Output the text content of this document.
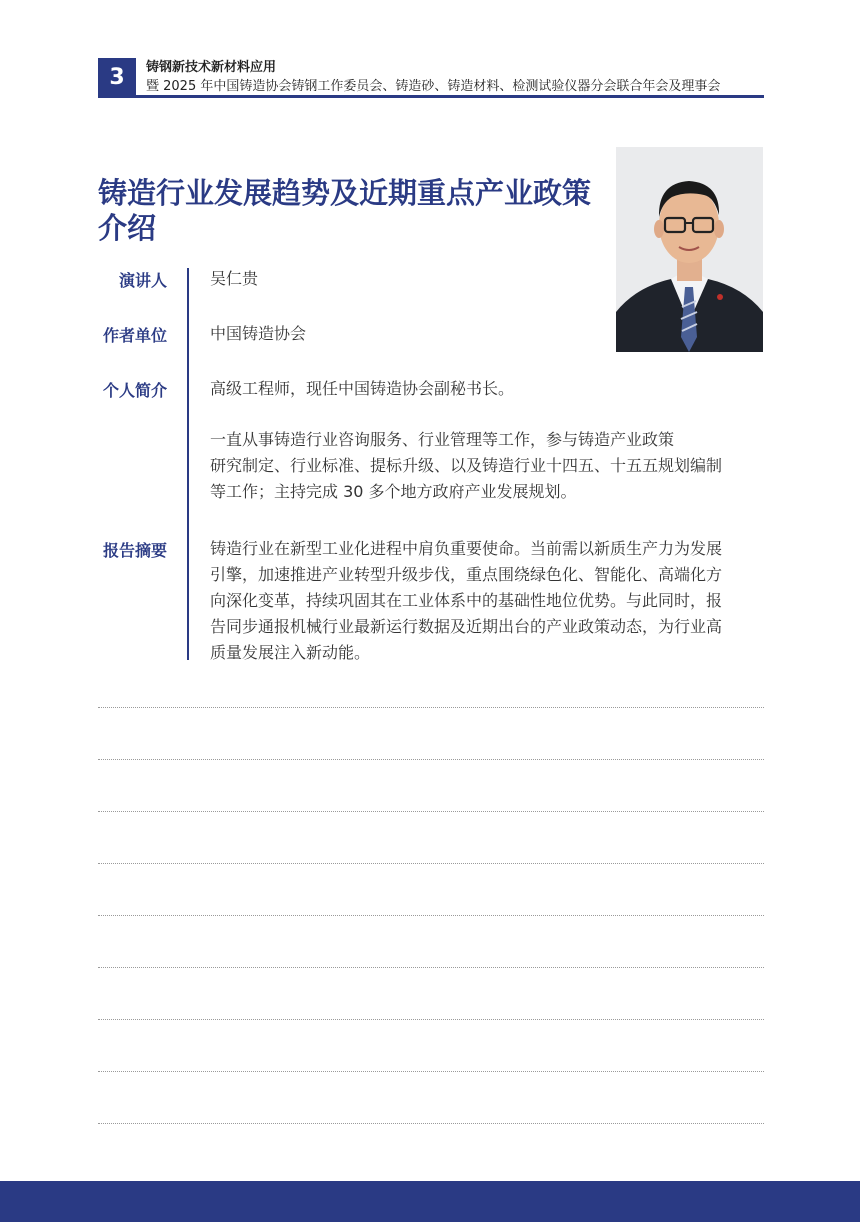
3	铸钢新技术新材料应用
暨 2025 年中国铸造协会铸钢工作委员会、铸造砂、铸造材料、检测试验仪器分会联合年会及理事会
铸造行业发展趋势及近期重点产业政策
介绍
演讲人	吴仁贵
作者单位	中国铸造协会
个人简介	高级工程师，现任中国铸造协会副秘书长。
一直从事铸造行业咨询服务、行业管理等工作，参与铸造产业政策
研究制定、行业标准、提标升级、以及铸造行业十四五、十五五规划编制
等工作；主持完成 30 多个地方政府产业发展规划。
报告摘要	铸造行业在新型工业化进程中肩负重要使命。当前需以新质生产力为发展
引擎，加速推进产业转型升级步伐，重点围绕绿色化、智能化、高端化方
向深化变革，持续巩固其在工业体系中的基础性地位优势。与此同时，报
告同步通报机械行业最新运行数据及近期出台的产业政策动态，为行业高
质量发展注入新动能。
